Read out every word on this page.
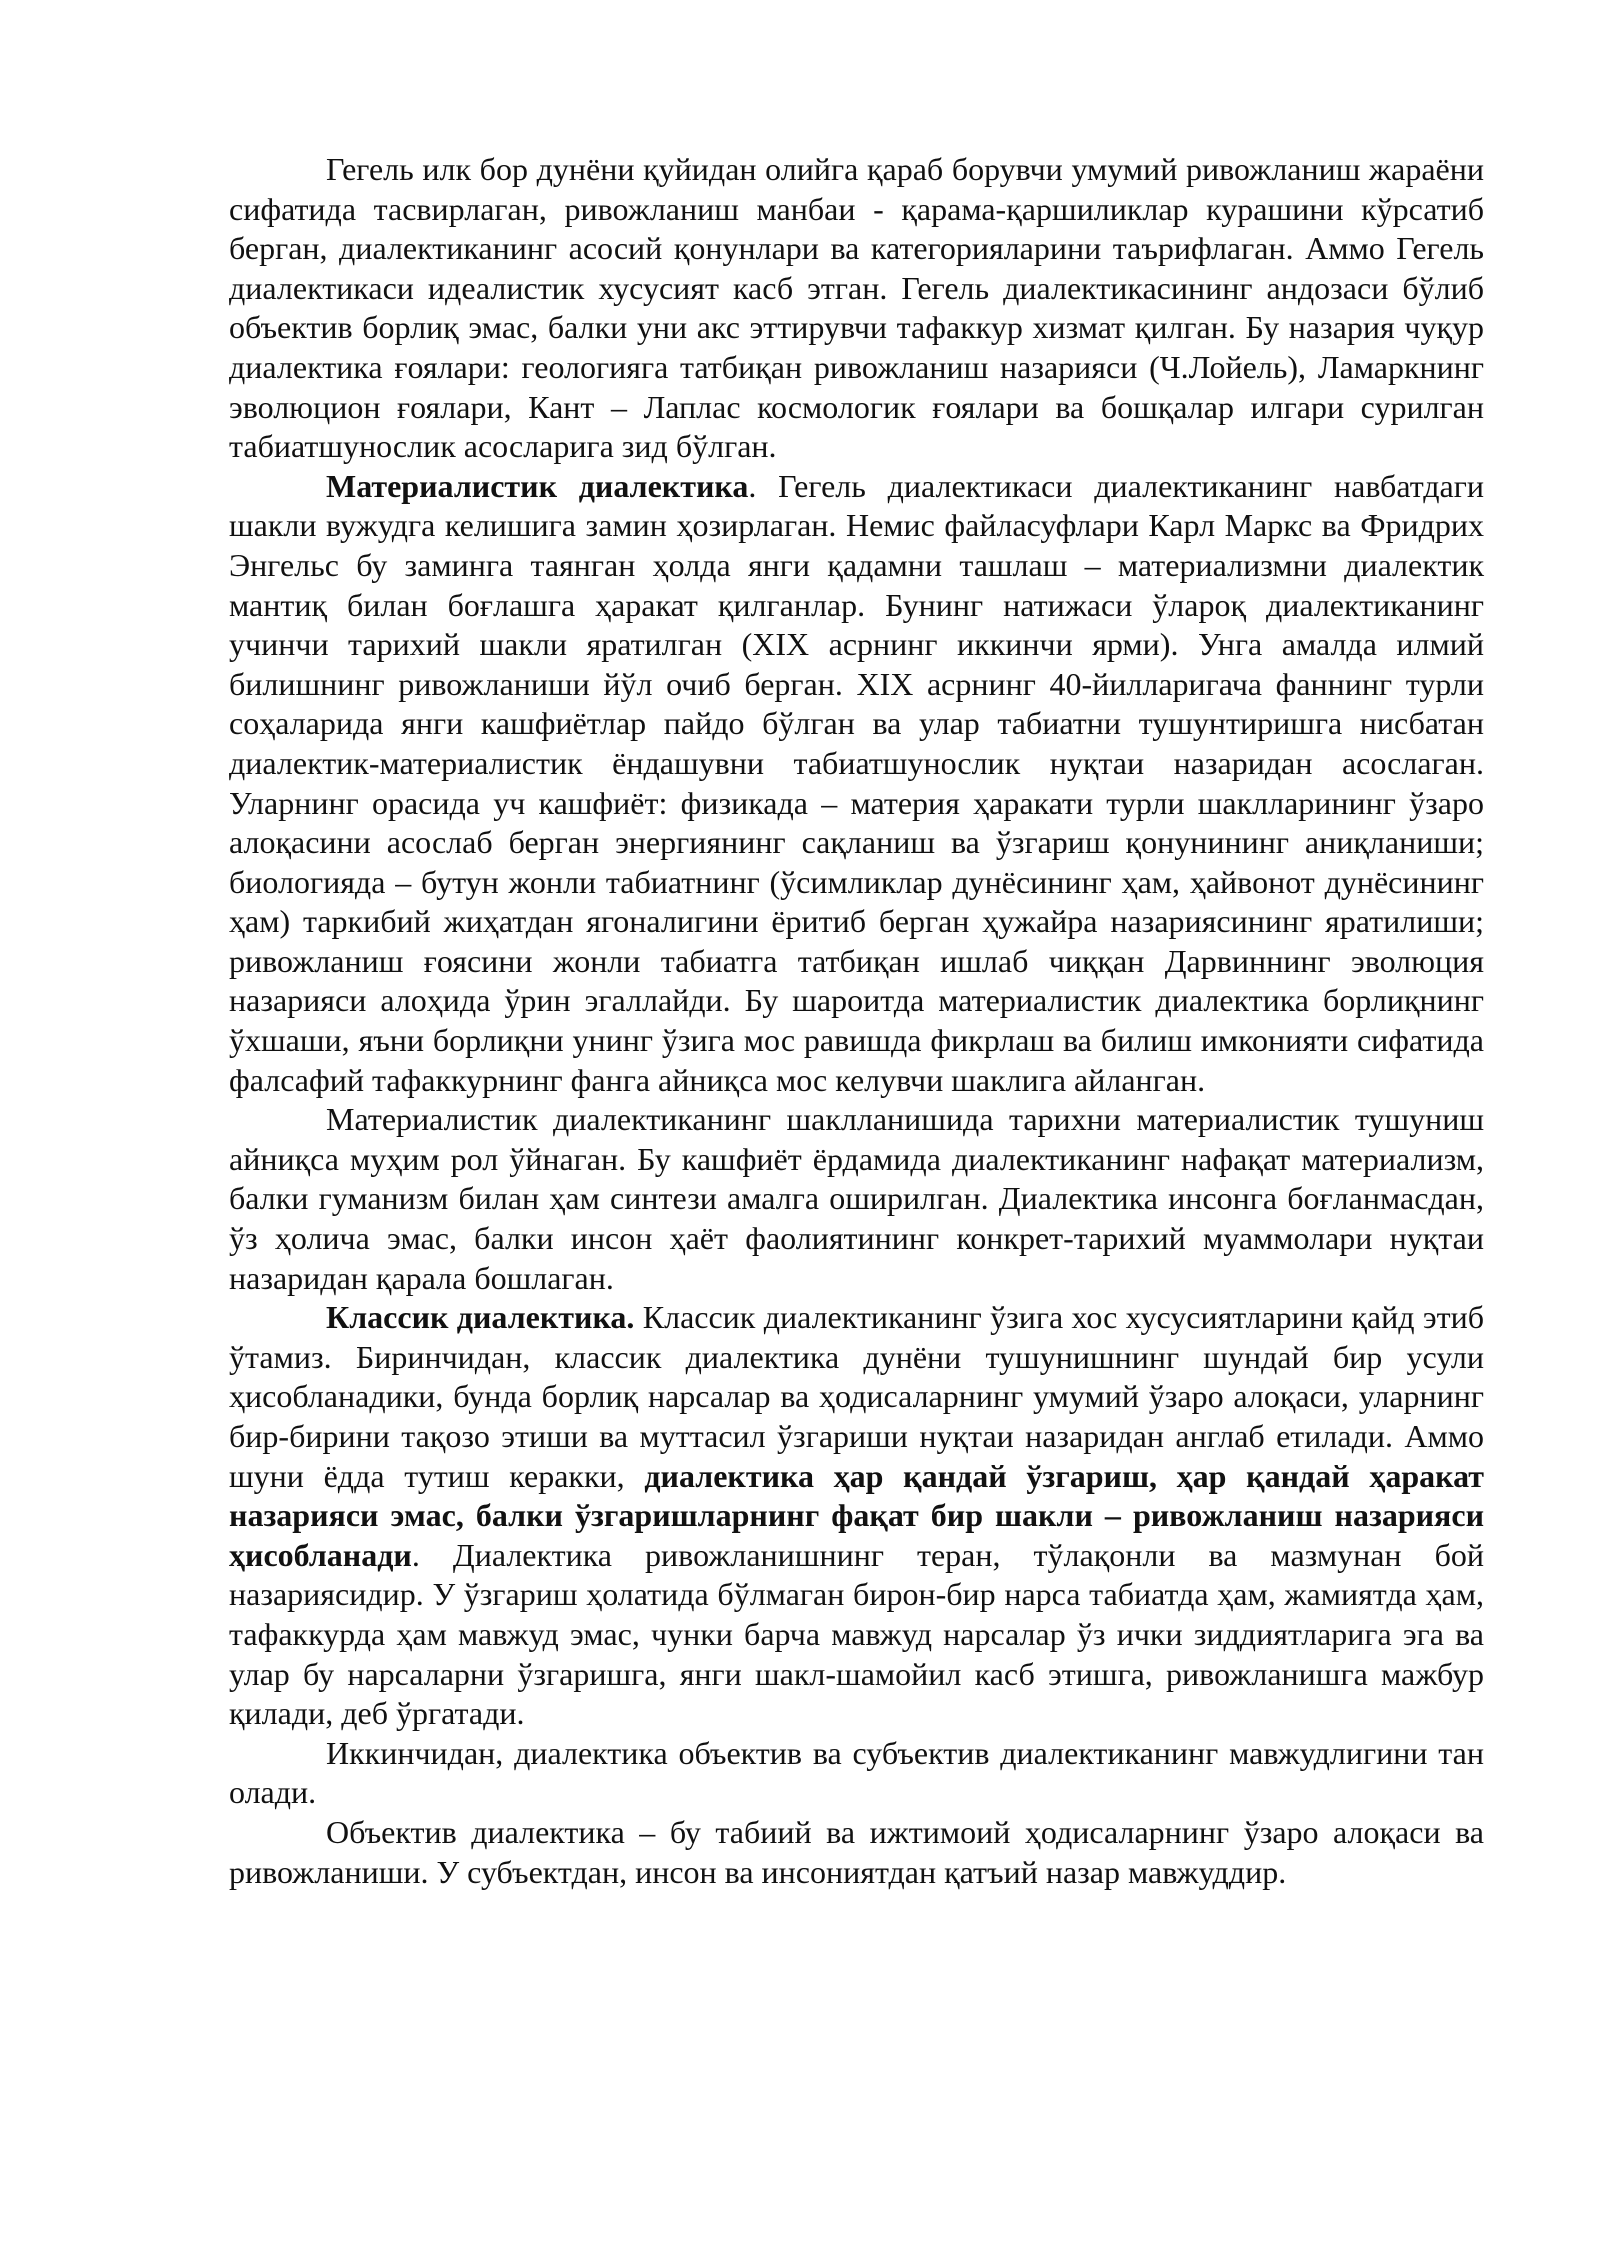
Гегель илк бор дунёни қуйидан олийга қараб борувчи умумий ривожланиш жараёни сифатида тасвирлаган, ривожланиш манбаи - қарама-қаршиликлар курашини кўрсатиб берган, диалектиканинг асосий қонунлари ва категорияларини таърифлаган. Аммо Гегель диалектикаси идеалистик хусусият касб этган. Гегель диалектикасининг андозаси бўлиб объектив борлиқ эмас, балки уни акс эттирувчи тафаккур хизмат қилган. Бу назария чуқур диалектика ғоялари: геологияга татбиқан ривожланиш назарияси (Ч.Лойель), Ламаркнинг эволюцион ғоялари, Кант – Лаплас космологик ғоялари ва бошқалар илгари сурилган табиатшунослик асосларига зид бўлган.

Материалистик диалектика. Гегель диалектикаси диалектиканинг навбатдаги шакли вужудга келишига замин ҳозирлаган. Немис файласуфлари Карл Маркс ва Фридрих Энгельс бу заминга таянган ҳолда янги қадамни ташлаш – материализмни диалектик мантиқ билан боғлашга ҳаракат қилганлар. Бунинг натижаси ўлароқ диалектиканинг учинчи тарихий шакли яратилган (XIX асрнинг иккинчи ярми). Унга амалда илмий билишнинг ривожланиши йўл очиб берган. XIX асрнинг 40-йилларигача фаннинг турли соҳаларида янги кашфиётлар пайдо бўлган ва улар табиатни тушунтиришга нисбатан диалектик-материалистик ёндашувни табиатшунослик нуқтаи назаридан асослаган. Уларнинг орасида уч кашфиёт: физикада – материя ҳаракати турли шаклларининг ўзаро алоқасини асослаб берган энергиянинг сақланиш ва ўзгариш қонунининг аниқланиши; биологияда – бутун жонли табиатнинг (ўсимликлар дунёсининг ҳам, ҳайвонот дунёсининг ҳам) таркибий жиҳатдан ягоналигини ёритиб берган ҳужайра назариясининг яратилиши; ривожланиш ғоясини жонли табиатга татбиқан ишлаб чиққан Дарвиннинг эволюция назарияси алоҳида ўрин эгаллайди. Бу шароитда материалистик диалектика борлиқнинг ўхшаши, яъни борлиқни унинг ўзига мос равишда фикрлаш ва билиш имконияти сифатида фалсафий тафаккурнинг фанга айниқса мос келувчи шаклига айланган.

Материалистик диалектиканинг шаклланишида тарихни материалистик тушуниш айниқса муҳим рол ўйнаган. Бу кашфиёт ёрдамида диалектиканинг нафақат материализм, балки гуманизм билан ҳам синтези амалга оширилган. Диалектика инсонга боғланмасдан, ўз ҳолича эмас, балки инсон ҳаёт фаолиятининг конкрет-тарихий муаммолари нуқтаи назаридан қарала бошлаган.

Классик диалектика. Классик диалектиканинг ўзига хос хусусиятларини қайд этиб ўтамиз. Биринчидан, классик диалектика дунёни тушунишнинг шундай бир усули ҳисобланадики, бунда борлиқ нарсалар ва ҳодисаларнинг умумий ўзаро алоқаси, уларнинг бир-бирини тақозо этиши ва муттасил ўзгариши нуқтаи назаридан англаб етилади. Аммо шуни ёдда тутиш керакки, диалектика ҳар қандай ўзгариш, ҳар қандай ҳаракат назарияси эмас, балки ўзгаришларнинг фақат бир шакли – ривожланиш назарияси ҳисобланади. Диалектика ривожланишнинг теран, тўлақонли ва мазмунан бой назариясидир. У ўзгариш ҳолатида бўлмаган бирон-бир нарса табиатда ҳам, жамиятда ҳам, тафаккурда ҳам мавжуд эмас, чунки барча мавжуд нарсалар ўз ички зиддиятларига эга ва улар бу нарсаларни ўзгаришга, янги шакл-шамойил касб этишга, ривожланишга мажбур қилади, деб ўргатади.

Иккинчидан, диалектика объектив ва субъектив диалектиканинг мавжудлигини тан олади.

Объектив диалектика – бу табиий ва ижтимоий ҳодисаларнинг ўзаро алоқаси ва ривожланиши. У субъектдан, инсон ва инсониятдан қатъий назар мавжуддир.
